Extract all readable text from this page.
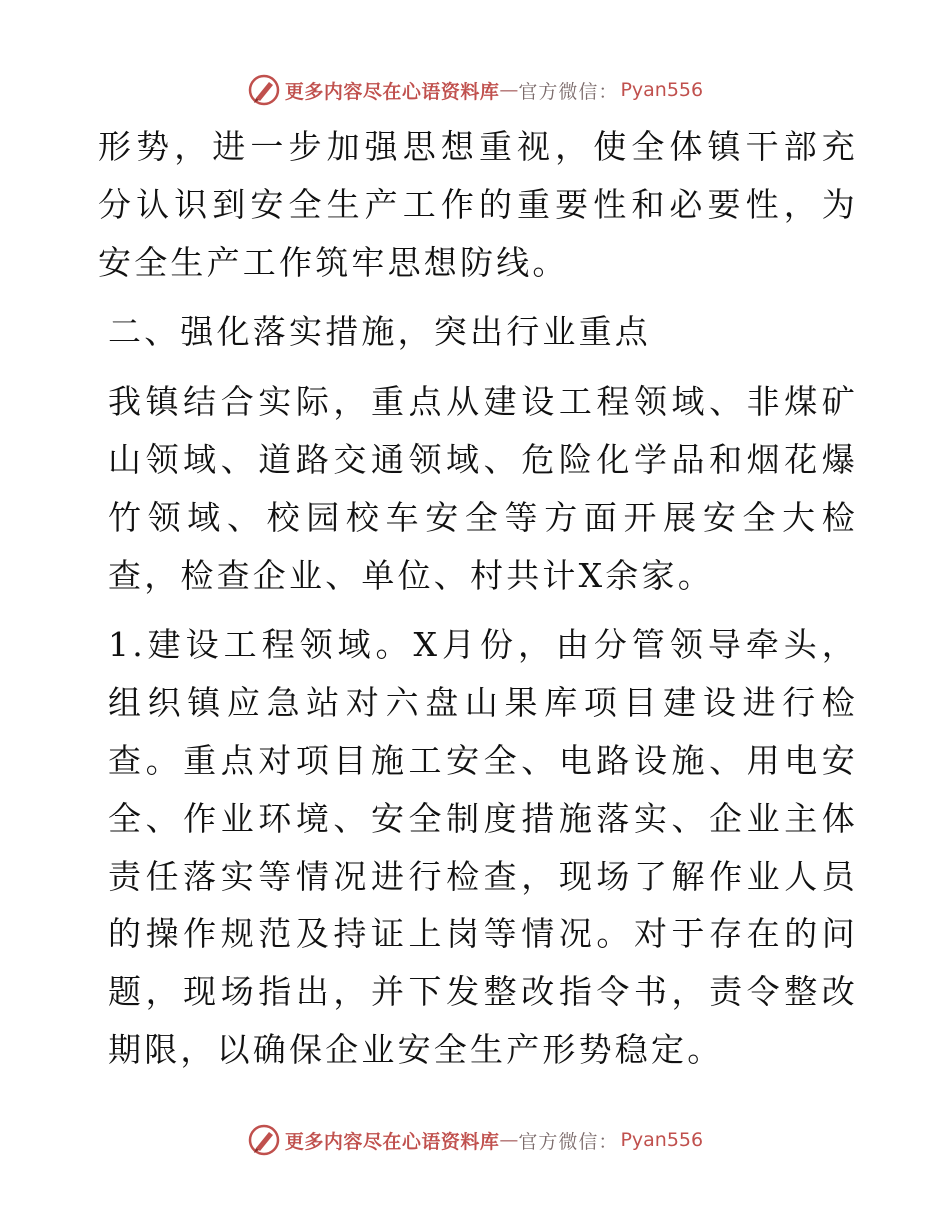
更多内容尽在心语资料库 — 官方微信： Pyan556

形势，进一步加强思想重视，使全体镇干部充分认识到安全生产工作的重要性和必要性，为安全生产工作筑牢思想防线。

二、强化落实措施，突出行业重点

我镇结合实际，重点从建设工程领域、非煤矿山领域、道路交通领域、危险化学品和烟花爆竹领域、校园校车安全等方面开展安全大检查，检查企业、单位、村共计X余家。

1.建设工程领域。X月份，由分管领导牵头，组织镇应急站对六盘山果库项目建设进行检查。重点对项目施工安全、电路设施、用电安全、作业环境、安全制度措施落实、企业主体责任落实等情况进行检查，现场了解作业人员的操作规范及持证上岗等情况。对于存在的问题，现场指出，并下发整改指令书，责令整改期限，以确保企业安全生产形势稳定。

更多内容尽在心语资料库 — 官方微信： Pyan556
